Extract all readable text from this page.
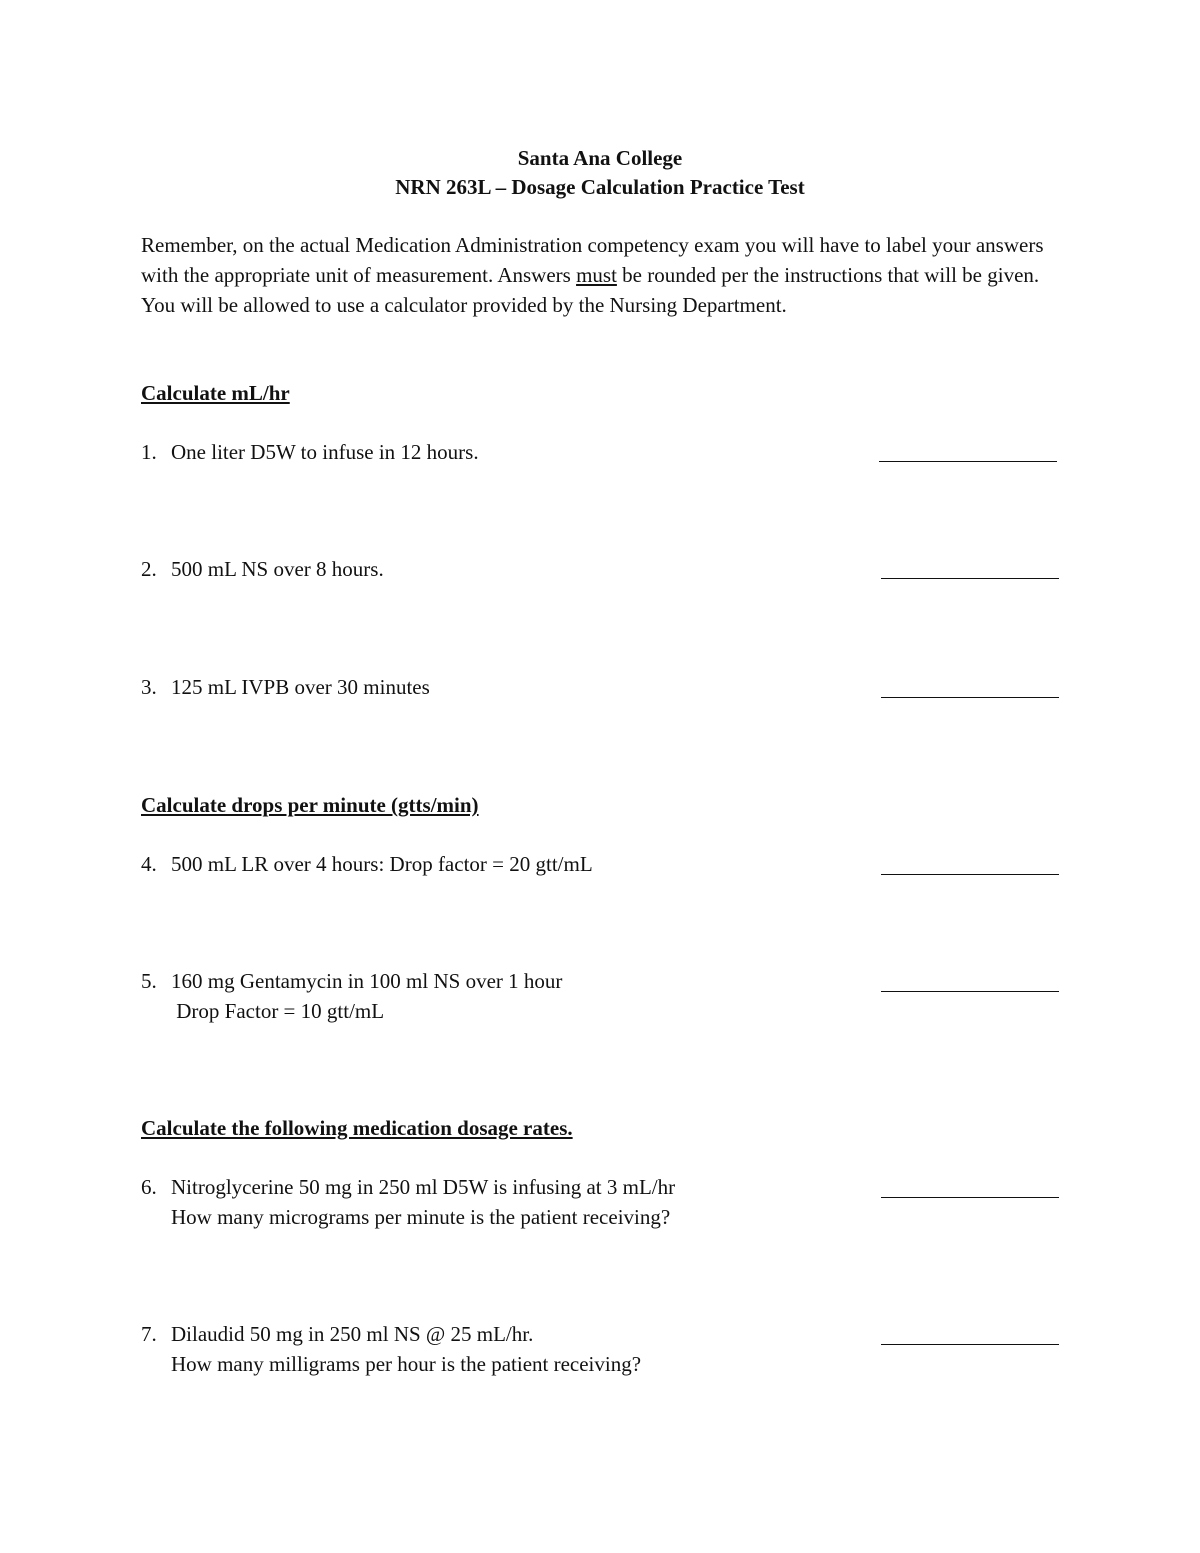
Santa Ana College
NRN 263L – Dosage Calculation Practice Test
Remember, on the actual Medication Administration competency exam you will have to label your answers with the appropriate unit of measurement. Answers must be rounded per the instructions that will be given. You will be allowed to use a calculator provided by the Nursing Department.
Calculate mL/hr
1. One liter D5W to infuse in 12 hours.
2. 500 mL NS over 8 hours.
3. 125 mL IVPB over 30 minutes
Calculate drops per minute (gtts/min)
4. 500 mL LR over 4 hours: Drop factor = 20 gtt/mL
5. 160 mg Gentamycin in 100 ml NS over 1 hour
Drop Factor = 10 gtt/mL
Calculate the following medication dosage rates.
6. Nitroglycerine 50 mg in 250 ml D5W is infusing at 3 mL/hr
How many micrograms per minute is the patient receiving?
7. Dilaudid 50 mg in 250 ml NS @ 25 mL/hr.
How many milligrams per hour is the patient receiving?
